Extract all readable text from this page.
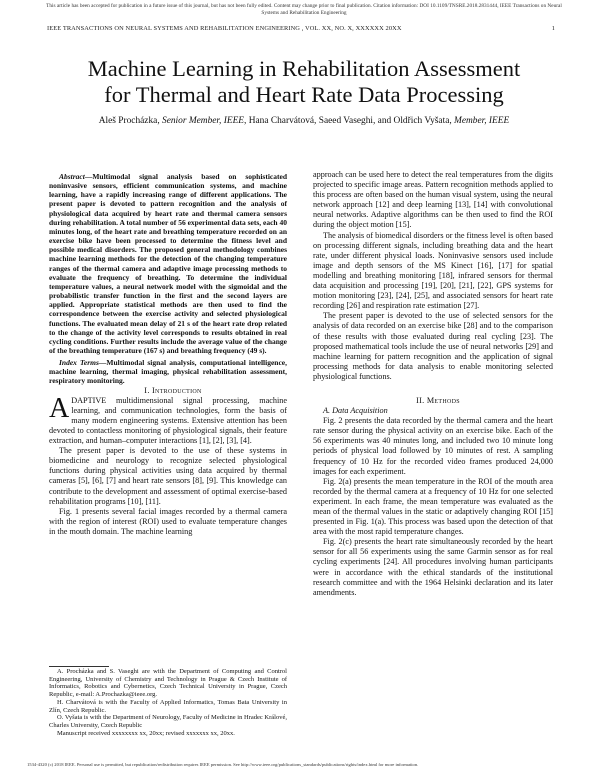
This article has been accepted for publication in a future issue of this journal, but has not been fully edited. Content may change prior to final publication. Citation information: DOI 10.1109/TNSRE.2018.2831444, IEEE Transactions on Neural Systems and Rehabilitation Engineering
IEEE TRANSACTIONS ON NEURAL SYSTEMS AND REHABILITATION ENGINEERING , VOL. XX, NO. X, XXXXXX 20XX	1
Machine Learning in Rehabilitation Assessment
for Thermal and Heart Rate Data Processing
Aleš Procházka, Senior Member, IEEE, Hana Charvátová, Saeed Vaseghi, and Oldřich Vyšata, Member, IEEE

Abstract—Multimodal signal analysis based on sophisticated noninvasive sensors, efficient communication systems, and machine learning, have a rapidly increasing range of different applications. The present paper is devoted to pattern recognition and the analysis of physiological data acquired by heart rate and thermal camera sensors during rehabilitation. A total number of 56 experimental data sets, each 40 minutes long, of the heart rate and breathing temperature recorded on an exercise bike have been processed to determine the fitness level and possible medical disorders. The proposed general methodology combines machine learning methods for the detection of the changing temperature ranges of the thermal camera and adaptive image processing methods to evaluate the frequency of breathing. To determine the individual temperature values, a neural network model with the sigmoidal and the probabilistic transfer function in the first and the second layers are applied. Appropriate statistical methods are then used to find the correspondence between the exercise activity and selected physiological functions. The evaluated mean delay of 21 s of the heart rate drop related to the change of the activity level corresponds to results obtained in real cycling conditions. Further results include the average value of the change of the breathing temperature (167 s) and breathing frequency (49 s).

Index Terms—Multimodal signal analysis, computational intelligence, machine learning, thermal imaging, physical rehabilitation assessment, respiratory monitoring.

I. Introduction

ADAPTIVE multidimensional signal processing, machine learning, and communication technologies, form the basis of many modern engineering systems. Extensive attention has been devoted to contactless monitoring of physiological signals, their feature extraction, and human–computer interactions [1], [2], [3], [4].

The present paper is devoted to the use of these systems in biomedicine and neurology to recognize selected physiological functions during physical activities using data acquired by thermal cameras [5], [6], [7] and heart rate sensors [8], [9]. This knowledge can contribute to the development and assessment of optimal exercise-based rehabilitation programs [10], [11].

Fig. 1 presents several facial images recorded by a thermal camera with the region of interest (ROI) used to evaluate temperature changes in the mouth domain. The machine learning

A. Procházka and S. Vaseghi are with the Department of Computing and Control Engineering, University of Chemistry and Technology in Prague & Czech Institute of Informatics, Robotics and Cybernetics, Czech Technical University in Prague, Czech Republic, e-mail: A.Prochazka@ieee.org.

H. Charvátová is with the Faculty of Applied Informatics, Tomas Bata University in Zlín, Czech Republic.

O. Vyšata is with the Department of Neurology, Faculty of Medicine in Hradec Králové, Charles University, Czech Republic

Manuscript received xxxxxxxx xx, 20xx; revised xxxxxxx xx, 20xx.

approach can be used here to detect the real temperatures from the digits projected to specific image areas. Pattern recognition methods applied to this process are often based on the human visual system, using the neural network approach [12] and deep learning [13], [14] with convolutional neural networks. Adaptive algorithms can be then used to find the ROI during the object motion [15].

The analysis of biomedical disorders or the fitness level is often based on processing different signals, including breathing data and the heart rate, under different physical loads. Noninvasive sensors used include image and depth sensors of the MS Kinect [16], [17] for spatial modelling and breathing monitoring [18], infrared sensors for thermal data acquisition and processing [19], [20], [21], [22], GPS systems for motion monitoring [23], [24], [25], and associated sensors for heart rate recording [26] and respiration rate estimation [27].

The present paper is devoted to the use of selected sensors for the analysis of data recorded on an exercise bike [28] and to the comparison of these results with those evaluated during real cycling [23]. The proposed mathematical tools include the use of neural networks [29] and machine learning for pattern recognition and the application of signal processing methods for data analysis to enable monitoring selected physiological functions.

II. Methods

A. Data Acquisition

Fig. 2 presents the data recorded by the thermal camera and the heart rate sensor during the physical activity on an exercise bike. Each of the 56 experiments was 40 minutes long, and included two 10 minute long periods of physical load followed by 10 minutes of rest. A sampling frequency of 10 Hz for the recorded video frames produced 24,000 images for each experiment.

Fig. 2(a) presents the mean temperature in the ROI of the mouth area recorded by the thermal camera at a frequency of 10 Hz for one selected experiment. In each frame, the mean temperature was evaluated as the mean of the thermal values in the static or adaptively changing ROI [15] presented in Fig. 1(a). This process was based upon the detection of that area with the most rapid temperature changes.

Fig. 2(c) presents the heart rate simultaneously recorded by the heart sensor for all 56 experiments using the same Garmin sensor as for real cycling experiments [24]. All procedures involving human participants were in accordance with the ethical standards of the institutional research committee and with the 1964 Helsinki declaration and its later amendments.

1534-4320 (c) 2018 IEEE. Personal use is permitted, but republication/redistribution requires IEEE permission. See http://www.ieee.org/publications_standards/publications/rights/index.html for more information.
